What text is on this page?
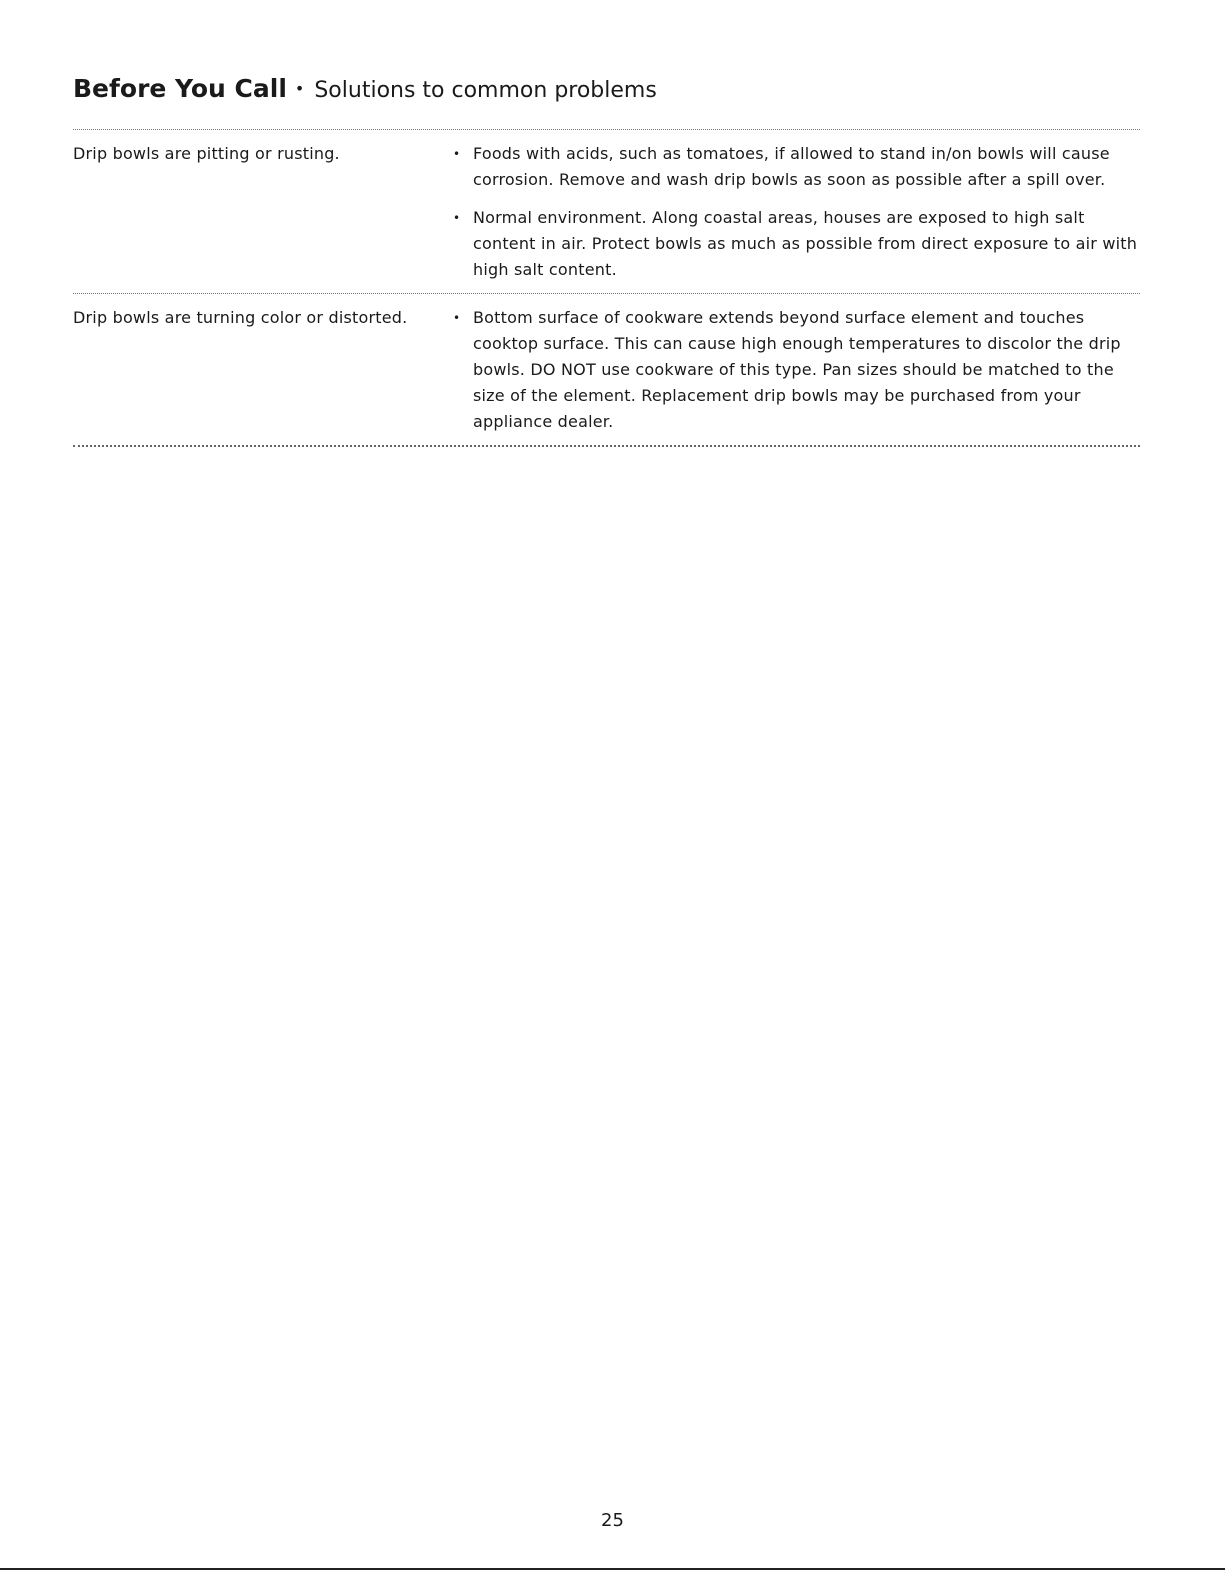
Before You Call • Solutions to common problems
Drip bowls are pitting or rusting.	• Foods with acids, such as tomatoes, if allowed to stand in/on bowls will cause corrosion. Remove and wash drip bowls as soon as possible after a spill over.
• Normal environment. Along coastal areas, houses are exposed to high salt content in air. Protect bowls as much as possible from direct exposure to air with high salt content.
Drip bowls are turning color or distorted.	• Bottom surface of cookware extends beyond surface element and touches cooktop surface. This can cause high enough temperatures to discolor the drip bowls. DO NOT use cookware of this type. Pan sizes should be matched to the size of the element. Replacement drip bowls may be purchased from your appliance dealer.
25
